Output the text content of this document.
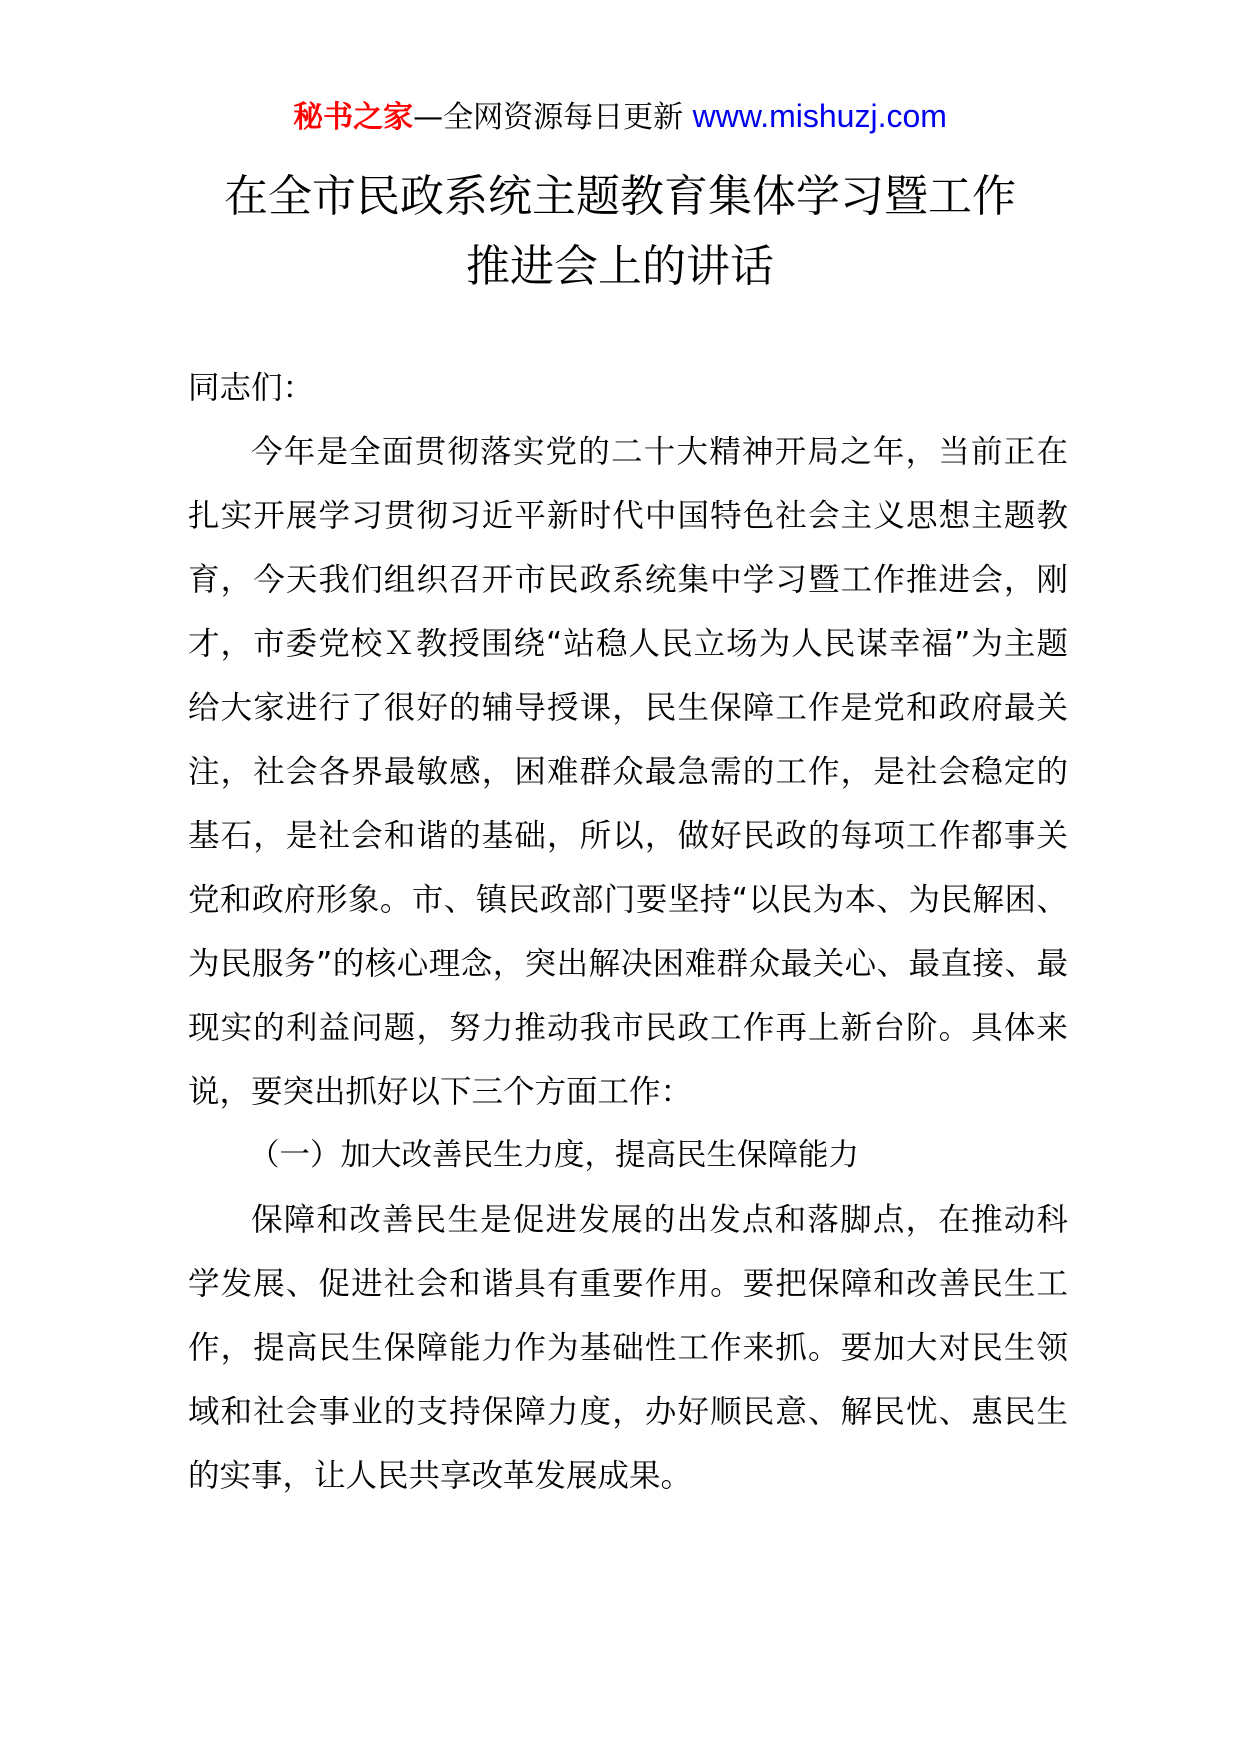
秘书之家—全网资源每日更新 www.mishuzj.com
在全市民政系统主题教育集体学习暨工作
推进会上的讲话

同志们：

今年是全面贯彻落实党的二十大精神开局之年，当前正在扎实开展学习贯彻习近平新时代中国特色社会主义思想主题教育，今天我们组织召开市民政系统集中学习暨工作推进会，刚才，市委党校Ｘ教授围绕“站稳人民立场为人民谋幸福”为主题给大家进行了很好的辅导授课，民生保障工作是党和政府最关注，社会各界最敏感，困难群众最急需的工作，是社会稳定的基石，是社会和谐的基础，所以，做好民政的每项工作都事关党和政府形象。市、镇民政部门要坚持“以民为本、为民解困、为民服务”的核心理念，突出解决困难群众最关心、最直接、最现实的利益问题，努力推动我市民政工作再上新台阶。具体来说，要突出抓好以下三个方面工作：

（一）加大改善民生力度，提高民生保障能力

保障和改善民生是促进发展的出发点和落脚点，在推动科学发展、促进社会和谐具有重要作用。要把保障和改善民生工作，提高民生保障能力作为基础性工作来抓。要加大对民生领域和社会事业的支持保障力度，办好顺民意、解民忧、惠民生的实事，让人民共享改革发展成果。
